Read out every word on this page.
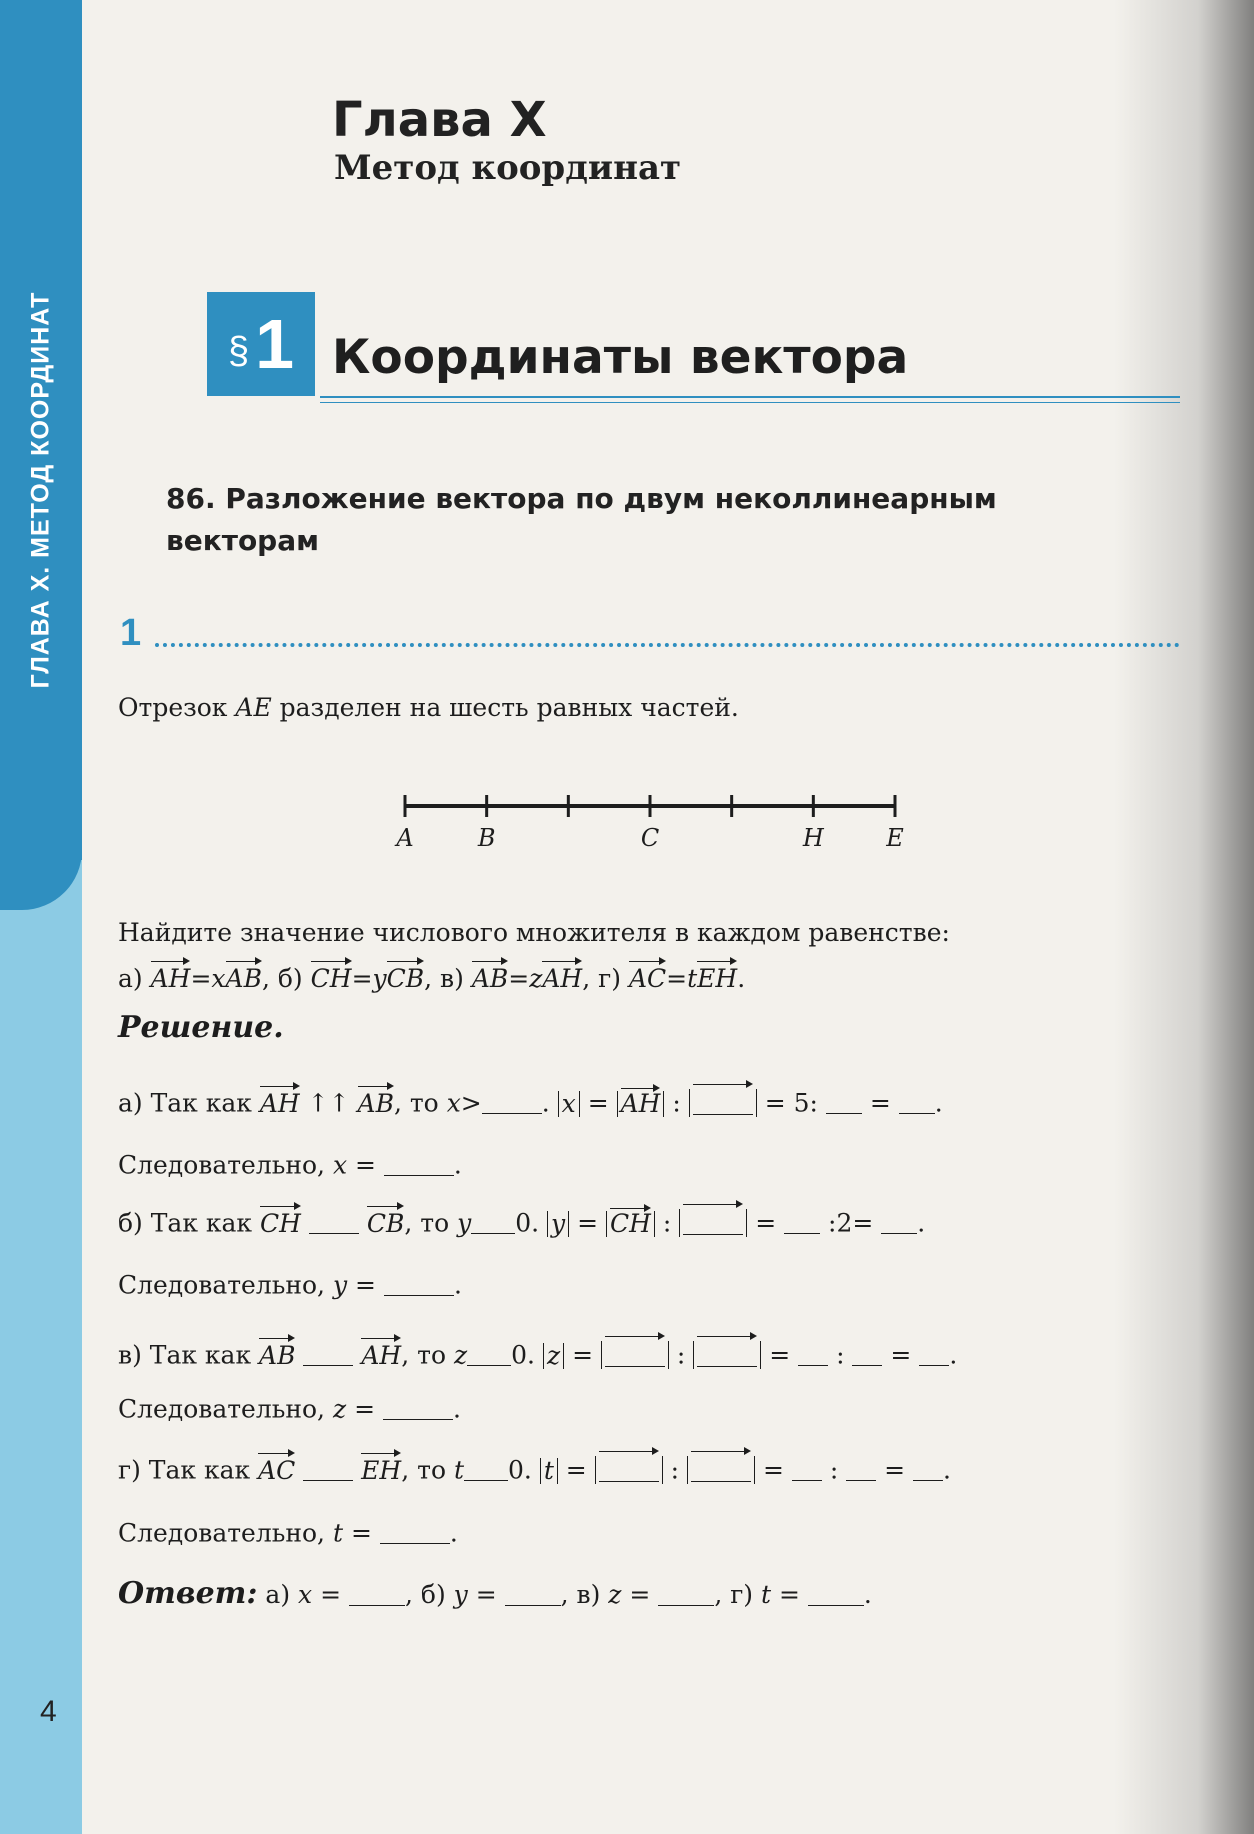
ГЛАВА X. МЕТОД КООРДИНАТ
4
Глава X
Метод координат
§ 1 Координаты вектора
86. Разложение вектора по двум неколлинеарным векторам
1
Отрезок AE разделен на шесть равных частей.
A	B	C	H	E
Найдите значение числового множителя в каждом равенстве:
а) AH=xAB, б) CH=yCB, в) AB=zAH, г) AC=tEH.
Решение.
а) Так как AH ↑↑ AB, то x> . x = AH :	= 5:  = .
Следовательно, x =	.
б) Так как CH	CB, то y 0. y = CH :	=  :2= .
Следовательно, y =	.
в) Так как AB	AH, то z 0. z =	:	=  :  = .
Следовательно, z =	.
г) Так как AC	EH, то t 0. t =	:	=  :  = .
Следовательно, t =	.
Ответ: а) x = , б) y = , в) z = , г) t = .
